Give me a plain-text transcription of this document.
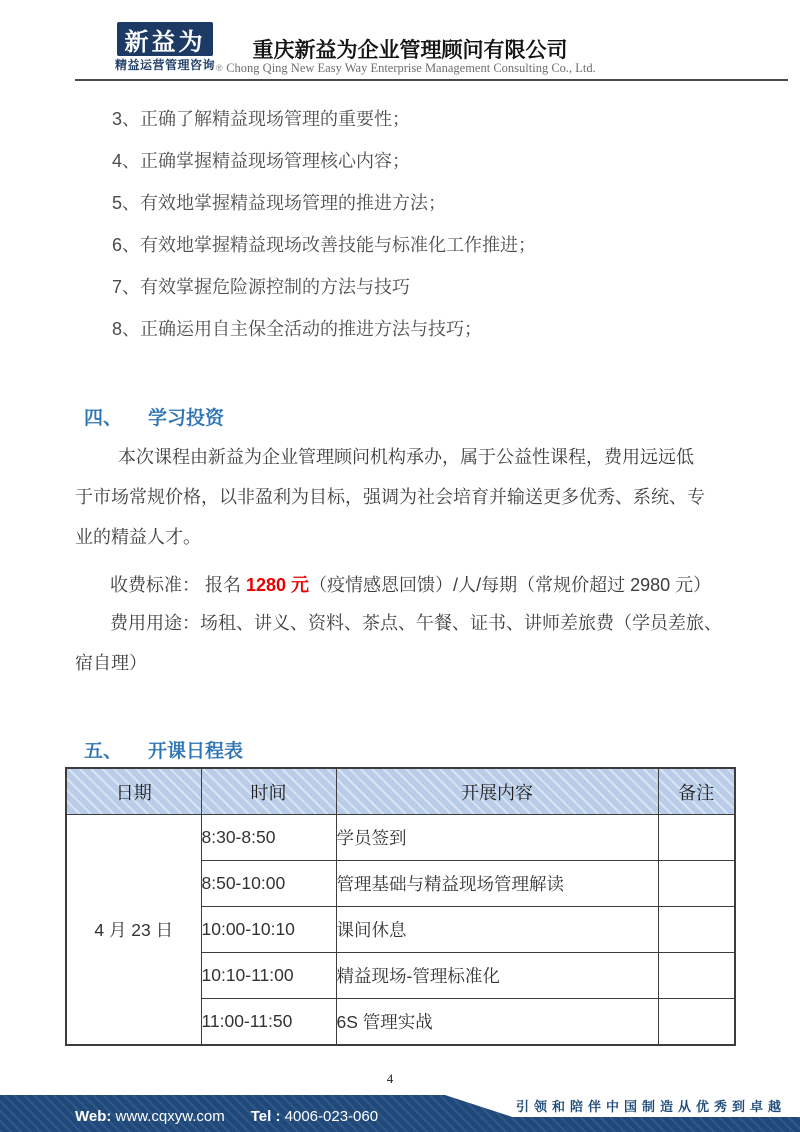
新益为
精益运营管理咨询 ®
重庆新益为企业管理顾问有限公司
Chong Qing New Easy Way Enterprise Management Consulting Co., Ltd.
3、正确了解精益现场管理的重要性；
4、正确掌握精益现场管理核心内容；
5、有效地掌握精益现场管理的推进方法；
6、有效地掌握精益现场改善技能与标准化工作推进；
7、有效掌握危险源控制的方法与技巧
8、正确运用自主保全活动的推进方法与技巧；
四、 学习投资
本次课程由新益为企业管理顾问机构承办，属于公益性课程，费用远远低
于市场常规价格，以非盈利为目标，强调为社会培育并输送更多优秀、系统、专
业的精益人才。
收费标准： 报名 1280 元（疫情感恩回馈）/人/每期（常规价超过 2980 元）
费用用途：场租、讲义、资料、茶点、午餐、证书、讲师差旅费（学员差旅、
宿自理）
五、 开课日程表
日期	时间	开展内容	备注
4 月 23 日	8:30-8:50	学员签到	
	8:50-10:00	管理基础与精益现场管理解读	
	10:00-10:10	课间休息	
	10:10-11:00	精益现场-管理标准化	
	11:00-11:50	6S 管理实战	
4
引领和陪伴中国制造从优秀到卓越
Web: www.cqxyw.com Tel : 4006-023-060
